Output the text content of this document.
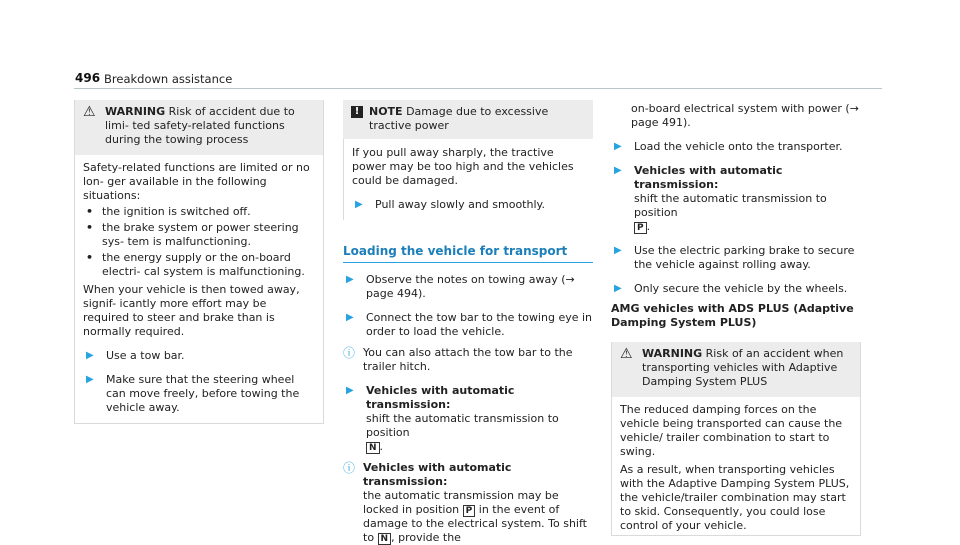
496 Breakdown assistance
⚠ WARNING Risk of accident due to limi- ted safety-related functions during the towing process

Safety-related functions are limited or no lon- ger available in the following situations:

• the ignition is switched off.
• the brake system or power steering sys- tem is malfunctioning.
• the energy supply or the on-board electri- cal system is malfunctioning.

When your vehicle is then towed away, signif- icantly more effort may be required to steer and brake than is normally required.

▶	Use a tow bar.
▶	Make sure that the steering wheel can move freely, before towing the vehicle away.
! NOTE Damage due to excessive tractive power

If you pull away sharply, the tractive power may be too high and the vehicles could be damaged.

▶	Pull away slowly and smoothly.
Loading the vehicle for transport
▶	Observe the notes on towing away (→ page 494).
▶	Connect the tow bar to the towing eye in order to load the vehicle.
ⓘ You can also attach the tow bar to the trailer hitch.
▶	Vehicles with automatic transmission:
shift the automatic transmission to position
N .
ⓘ Vehicles with automatic transmission:
the automatic transmission may be locked in position P in the event of damage to the electrical system. To shift to N , provide the

on-board electrical system with power (→ page 491).

▶	Load the vehicle onto the transporter.
▶	Vehicles with automatic transmission:
shift the automatic transmission to position
P .
▶	Use the electric parking brake to secure the vehicle against rolling away.
▶	Only secure the vehicle by the wheels.

AMG vehicles with ADS PLUS (Adaptive Damping System PLUS)

⚠ WARNING Risk of an accident when transporting vehicles with Adaptive Damping System PLUS

The reduced damping forces on the vehicle being transported can cause the vehicle/ trailer combination to start to swing.

As a result, when transporting vehicles with the Adaptive Damping System PLUS, the vehicle/trailer combination may start to skid. Consequently, you could lose control of your vehicle.
